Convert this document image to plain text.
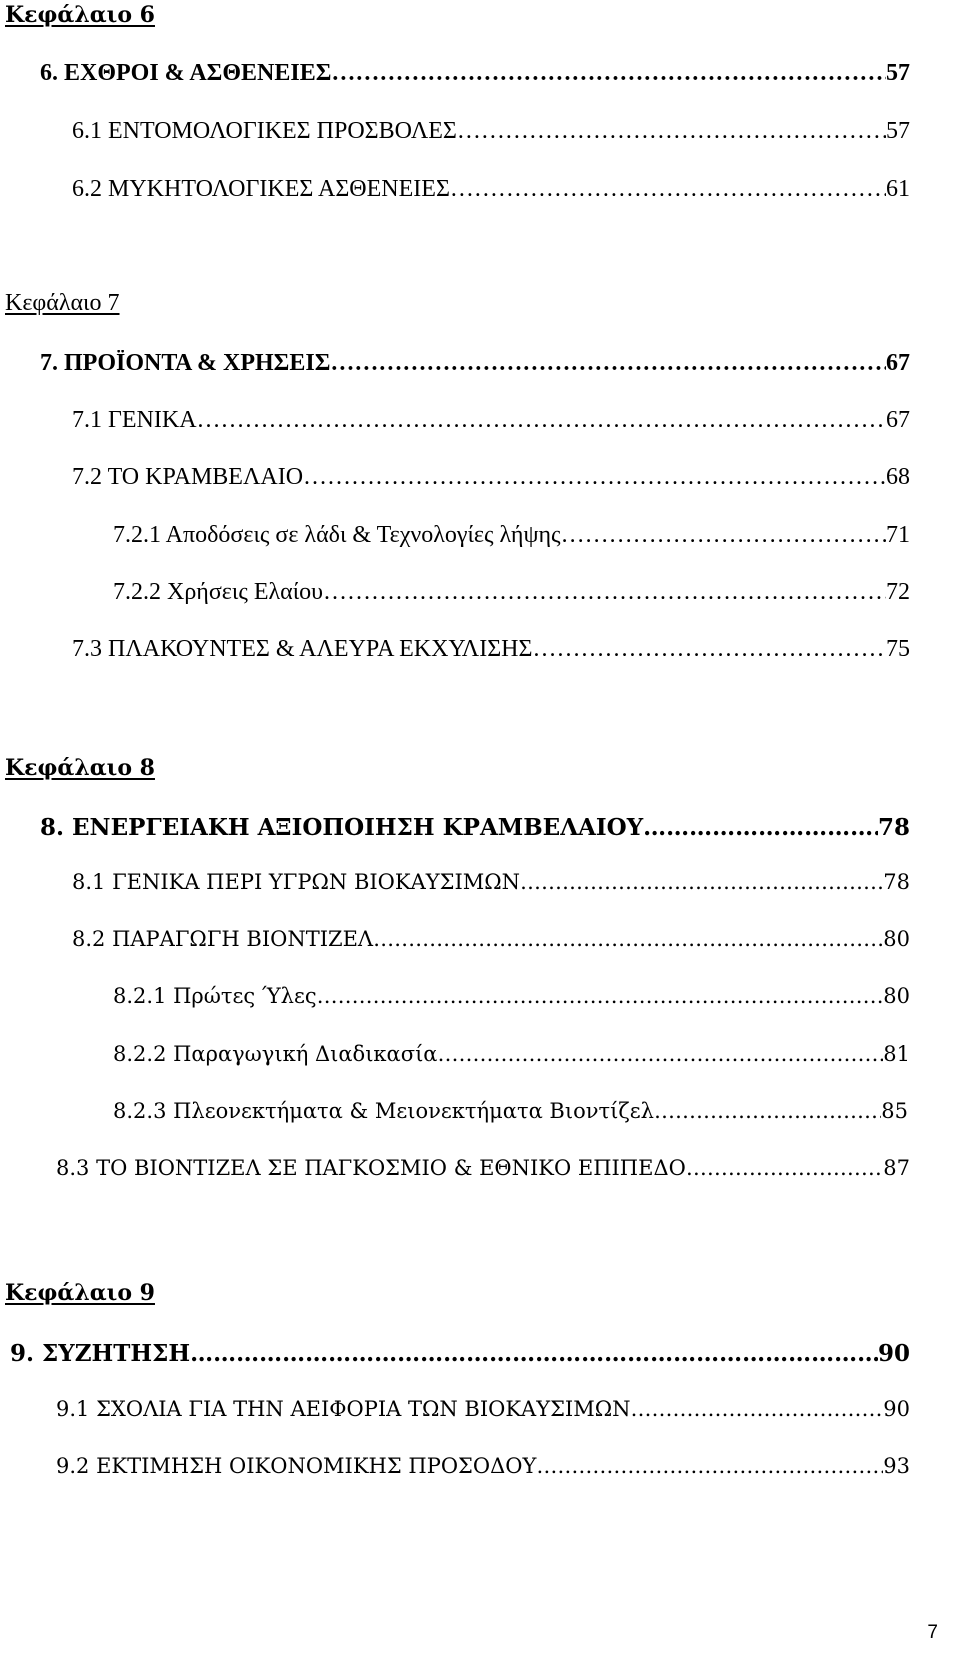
Κεφάλαιο 6
6. ΕΧΘΡΟΙ & ΑΣΘΕΝΕΙΕΣ ……………………………………………………………………………………………………………………………………………………………………………………………………	57
6.1 ΕΝΤΟΜΟΛΟΓΙΚΕΣ ΠΡΟΣΒΟΛΕΣ ……………………………………………………………………………………………………………………………………………………………………………………………………	57
6.2 ΜΥΚΗΤΟΛΟΓΙΚΕΣ ΑΣΘΕΝΕΙΕΣ ……………………………………………………………………………………………………………………………………………………………………………………………………	61
Κεφάλαιο 7
7. ΠΡΟΪΟΝΤΑ & ΧΡΗΣΕΙΣ ……………………………………………………………………………………………………………………………………………………………………………………………………	67
7.1 ΓΕΝΙΚΑ ……………………………………………………………………………………………………………………………………………………………………………………………………	67
7.2 ΤΟ ΚΡΑΜΒΕΛΑΙΟ ……………………………………………………………………………………………………………………………………………………………………………………………………	68
7.2.1 Αποδόσεις σε λάδι & Τεχνολογίες λήψης ……………………………………………………………………………………………………………………………………………………………………………………………………	71
7.2.2 Χρήσεις Ελαίου ……………………………………………………………………………………………………………………………………………………………………………………………………	72
7.3 ΠΛΑΚΟΥΝΤΕΣ & ΑΛΕΥΡΑ ΕΚΧΥΛΙΣΗΣ ……………………………………………………………………………………………………………………………………………………………………………………………………	75
Κεφάλαιο 8
8. ΕΝΕΡΓΕΙΑΚΗ ΑΞΙΟΠΟΙΗΣΗ ΚΡΑΜΒΕΛΑΙΟΥ ……………………………………………………………………………………………………………………………………………………………………………………………………	78
8.1 ΓΕΝΙΚΑ ΠΕΡΙ ΥΓΡΩΝ ΒΙΟΚΑΥΣΙΜΩΝ ……………………………………………………………………………………………………………………………………………………………………………………………………	78
8.2 ΠΑΡΑΓΩΓΗ ΒΙΟΝΤΙΖΕΛ ……………………………………………………………………………………………………………………………………………………………………………………………………	80
8.2.1 Πρώτες Ύλες ……………………………………………………………………………………………………………………………………………………………………………………………………	80
8.2.2 Παραγωγική Διαδικασία ……………………………………………………………………………………………………………………………………………………………………………………………………	81
8.2.3 Πλεονεκτήματα & Μειονεκτήματα Βιοντίζελ ……………………………………………………………………………………………………………………………………………………………………………………………………	85
8.3 ΤΟ ΒΙΟΝΤΙΖΕΛ ΣΕ ΠΑΓΚΟΣΜΙΟ & ΕΘΝΙΚΟ ΕΠΙΠΕΔΟ ……………………………………………………………………………………………………………………………………………………………………………………………………	87
Κεφάλαιο 9
9. ΣΥΖΗΤΗΣΗ ……………………………………………………………………………………………………………………………………………………………………………………………………	90
9.1 ΣΧΟΛΙΑ ΓΙΑ ΤΗΝ ΑΕΙΦΟΡΙΑ ΤΩΝ ΒΙΟΚΑΥΣΙΜΩΝ ……………………………………………………………………………………………………………………………………………………………………………………………………	90
9.2 ΕΚΤΙΜΗΣΗ ΟΙΚΟΝΟΜΙΚΗΣ ΠΡΟΣΟΔΟΥ ……………………………………………………………………………………………………………………………………………………………………………………………………	93
7
